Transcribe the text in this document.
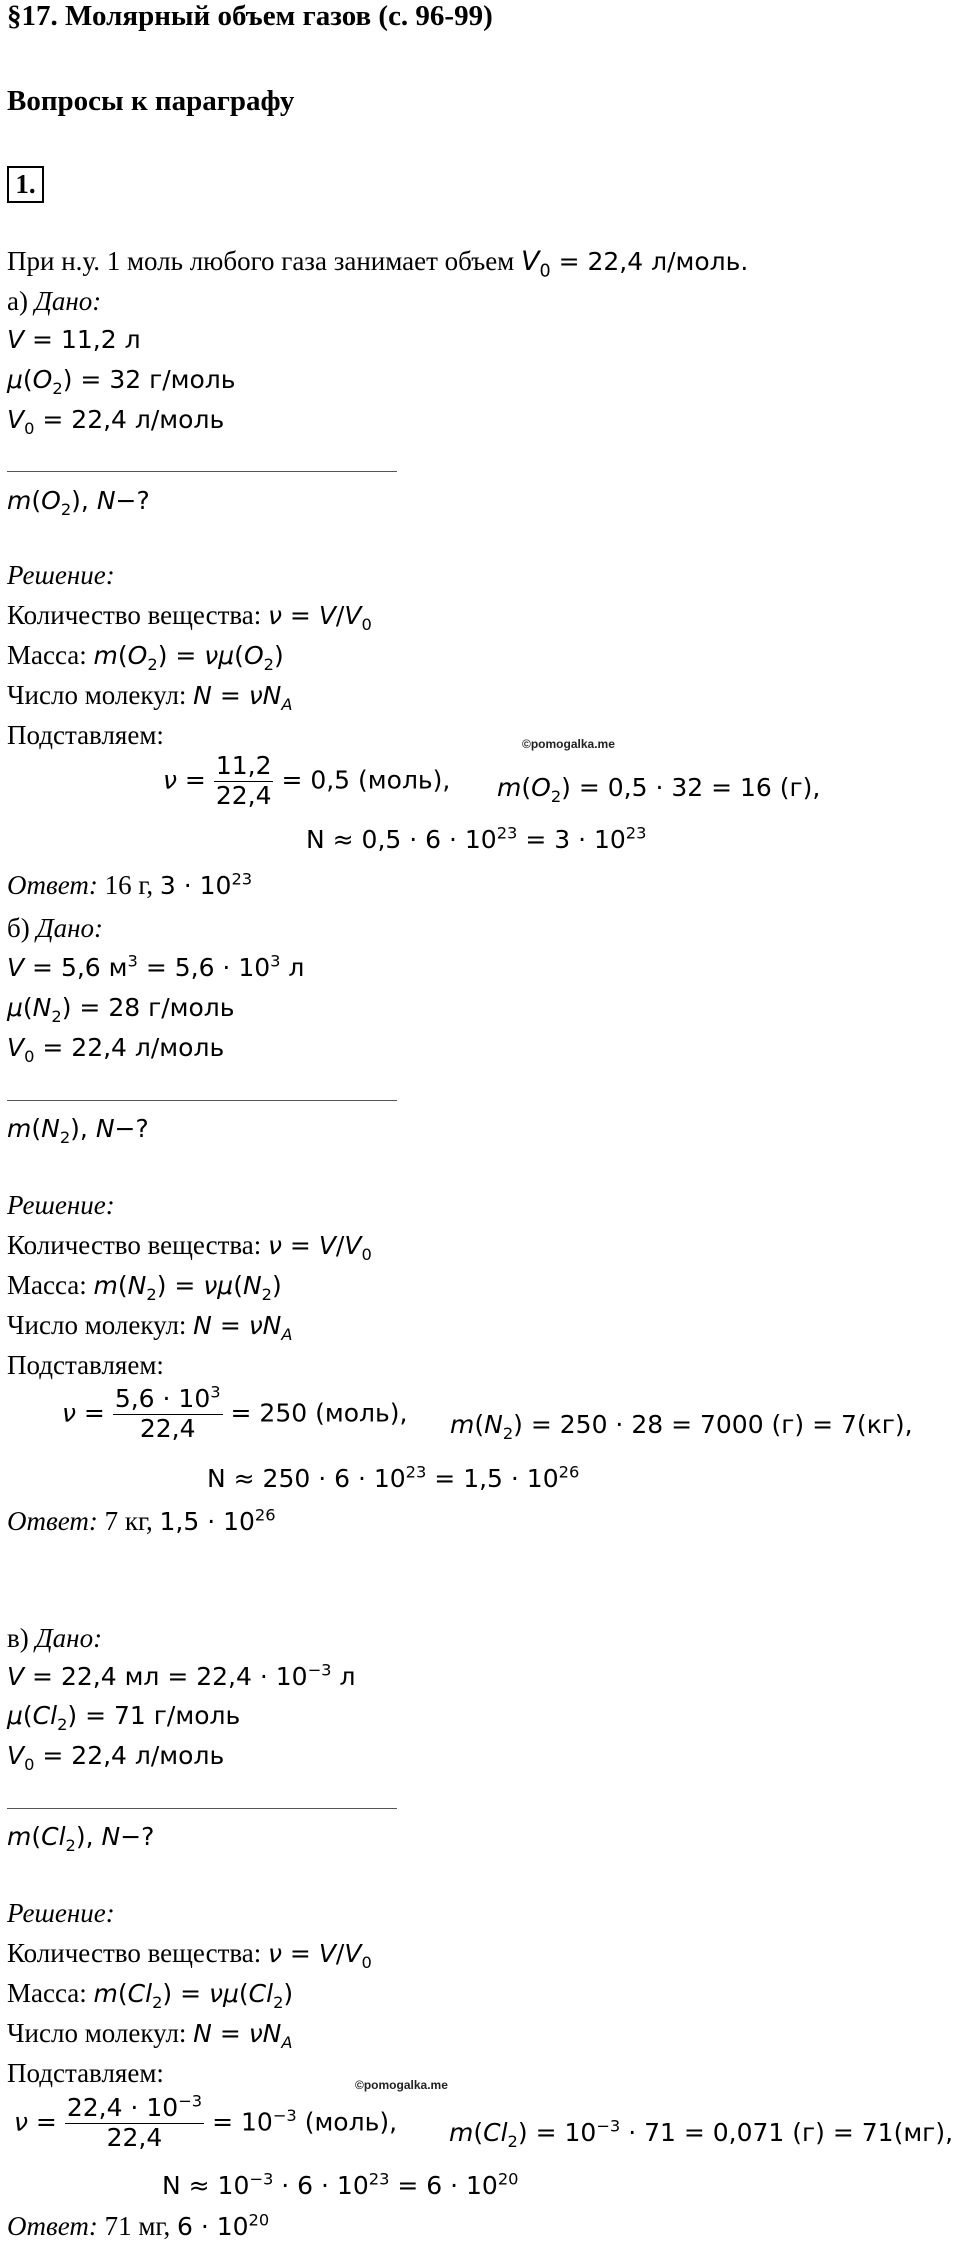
§17. Молярный объем газов (с. 96-99)
Вопросы к параграфу
1.
При н.у. 1 моль любого газа занимает объем $V_0 = 22,4$ л/моль.
а) Дано:
V = 11,2 л
$\mu(O_2) = 32$ г/моль
$V_0 = 22,4$ л/моль
$m(O_2)$, N−?
Решение:
Количество вещества: $\nu = V/V_0$
Масса: $m(O_2) = \nu\mu(O_2)$
Число молекул: $N = \nu N_A$
Подставляем:	©pomogalka.me
$\nu = \frac{11,2}{22,4} = 0,5$ (моль), $m(O_2) = 0,5 \cdot 32 = 16$ (г),
$N \approx 0,5 \cdot 6 \cdot 10^{23} = 3 \cdot 10^{23}$
Ответ: 16 г, $3 \cdot 10^{23}$
б) Дано:
V = 5,6 $м^3 = 5,6 \cdot 10^3$ л
$\mu(N_2) = 28$ г/моль
$V_0 = 22,4$ л/моль
$m(N_2)$, N−?
Решение:
Количество вещества: $\nu = V/V_0$
Масса: $m(N_2) = \nu\mu(N_2)$
Число молекул: $N = \nu N_A$
Подставляем:
$\nu = \frac{5,6 \cdot 10^3}{22,4} = 250$ (моль), $m(N_2) = 250 \cdot 28 = 7000$ (г) = 7(кг),
$N \approx 250 \cdot 6 \cdot 10^{23} = 1,5 \cdot 10^{26}$
Ответ: 7 кг, $1,5 \cdot 10^{26}$
в) Дано:
V = 22,4 мл = $22,4 \cdot 10^{-3}$ л
$\mu(Cl_2) = 71$ г/моль
$V_0 = 22,4$ л/моль
$m(Cl_2)$, N−?
Решение:
Количество вещества: $\nu = V/V_0$
Масса: $m(Cl_2) = \nu\mu(Cl_2)$
Число молекул: $N = \nu N_A$
Подставляем:	©pomogalka.me
$\nu = \frac{22,4 \cdot 10^{-3}}{22,4} = 10^{-3}$ (моль), $m(Cl_2) = 10^{-3} \cdot 71 = 0,071$ (г) = 71(мг),
$N \approx 10^{-3} \cdot 6 \cdot 10^{23} = 6 \cdot 10^{20}$
Ответ: 71 мг, $6 \cdot 10^{20}$
